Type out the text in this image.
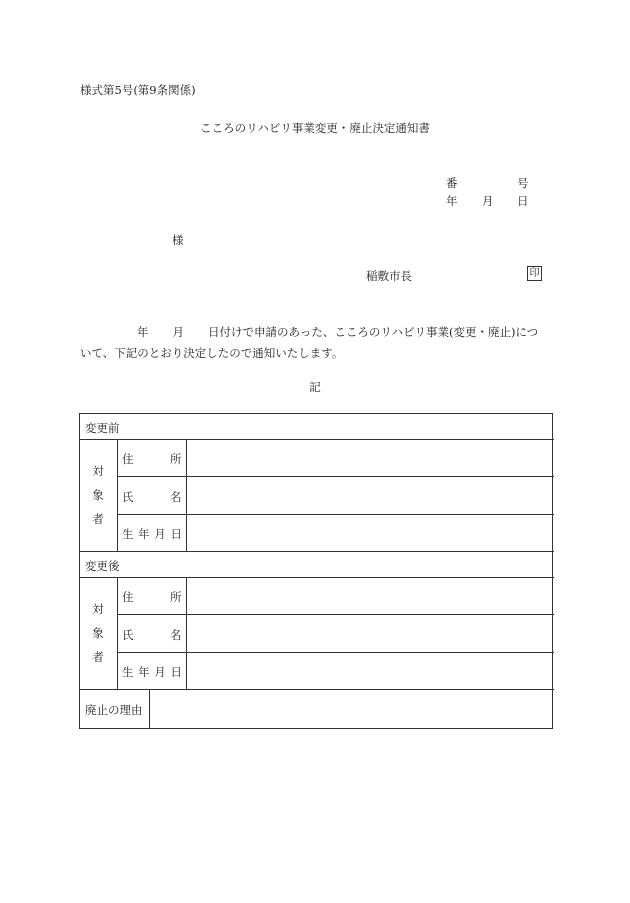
様式第5号(第9条関係)
こころのリハビリ事業変更・廃止決定通知書
番	号
年 月 日
様
稲敷市長	印
年 月 日付けで申請のあった、こころのリハビリ事業(変更・廃止)につ
いて、下記のとおり決定したので通知いたします。
記
変更前
対
象
者
住	所
氏	名
生 年 月 日
変更後
対
象
者
住	所
氏	名
生 年 月 日
廃止の理由
